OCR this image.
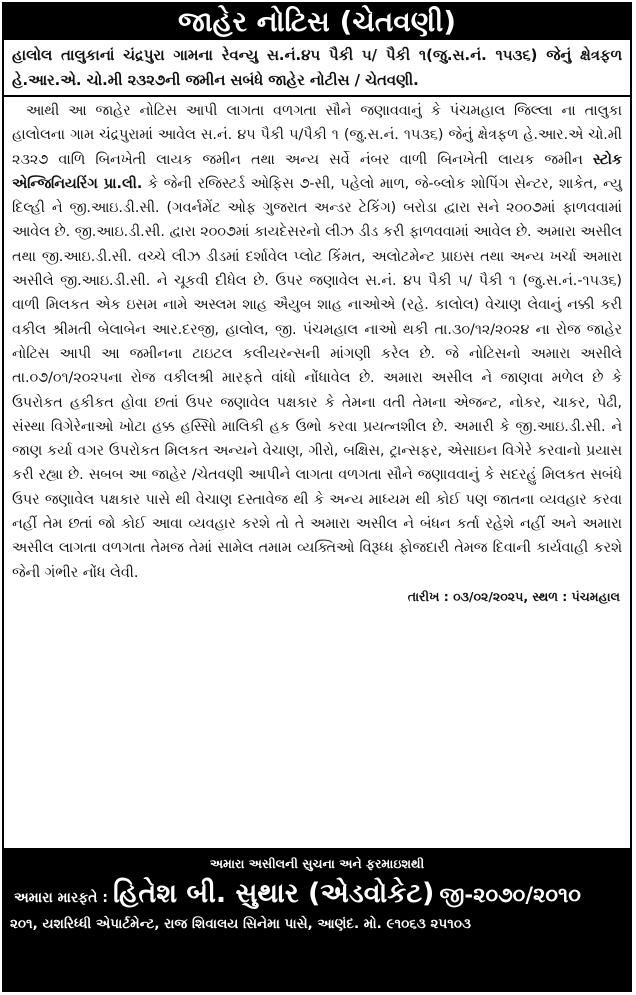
જાહેર નોટિસ (ચેતવણી)
હાલોલ તાલુકાનાં ચંદ્રપુરા ગામના રેવન્યુ સ.નં.૪૫ પૈકી ૫/ પૈકી ૧(જુ.સ.નં. ૧૫૩૬) જેનું ક્ષેત્રફળ હે.આર.એ. ચો.મી ૨૩૨૭ની જમીન સબંધે જાહેર નોટીસ / ચેતવણી.
આથી આ જાહેર નોટિસ આપી લાગતા વળગતા સૌને જણાવવાનું કે પંચમહાલ જિલ્લા ના તાલુકા હાલોલના ગામ ચંદ્રપુરામાં આવેલ સ.નં. ૪૫ પૈકી ૫/પૈકી ૧ (જુ.સ.નં. ૧૫૩૬) જેનું ક્ષેત્રફળ હે.આર.એ ચો.મી ૨૩૨૭ વાળિ બિનખેતી લાયક જમીન તથા અન્ય સર્વે નંબર વાળી બિનખેતી લાયક જમીન સ્ટોક એન્જિનિયરિંગ પ્રા.લી. કે જેની રજિસ્ટર્ડ ઓફિસ ૭-સી, પહેલો માળ, જે-બ્લોક શોપિંગ સેન્ટર, શાકેત, ન્યુ દિલ્હી ને જી.આઇ.ડી.સી. (ગવર્નમેંટ ઓફ ગુજરાત અન્ડર ટેકિંગ) બરોડા દ્વારા સને ૨૦૦૭માં ફાળવવામાં આવેલ છે. જી.આઇ.ડી.સી. દ્વારા ૨૦૦૭માં કાયદેસરનો લીઝ ડીડ કરી ફાળવવામાં આવેલ છે. અમારા અસીલ તથા જી.આઇ.ડી.સી. વચ્ચે લીઝ ડીડમાં દર્શાવેલ પ્લોટ કિંમત, અલોટમેન્ટ પ્રાઇસ તથા અન્ય ખર્ચા અમારા અસીલે જી.આઇ.ડી.સી. ને ચૂકવી દીધેલ છે. ઉપર જણાવેલ સ.નં. ૪૫ પૈકી ૫/ પૈકી ૧ (જુ.સ.નં.-૧૫૩૬) વાળી મિલકત એક ઇસમ નામે અસ્લમ શાહ ઐયુબ શાહ નાઓએ (રહે. કાલોલ) વેચાણ લેવાનું નક્કી કરી વકીલ શ્રીમતી બેલાબેન આર.દરજી, હાલોલ, જી. પંચમહાલ નાઓ થકી તા.૩૦/૧૨/૨૦૨૪ ના રોજ જાહેર નોટિસ આપી આ જમીનના ટાઇટલ કલીયરન્સની માંગણી કરેલ છે. જે નોટિસનો અમારા અસીલે તા.૦૭/૦૧/૨૦૨૫ના રોજ વકીલશ્રી મારફતે વાંધો નોંધાવેલ છે. અમારા અસીલ ને જાણવા મળેલ છે કે ઉપરોકત હકીકત હોવા છતાં ઉપર જણાવેલ પક્ષકાર કે તેમના વતી તેમના એજન્ટ, નોકર, ચાકર, પેઢી, સંસ્થા વિગેરેનાઓ ખોટા હક્ક હસ્સિો માલિકી હક ઉભો કરવા પ્રયત્નશીલ છે. અમારી કે જી.આઇ.ડી.સી. ને જાણ કર્યા વગર ઉપરોકત મિલકત અન્યને વેચાણ, ગીરો, બક્ષિસ, ટ્રાન્સફર, એસાઇન વિગેરે કરવાનો પ્રયાસ કરી રહ્યા છે. સબબ આ જાહેર /ચેતવણી આપીને લાગતા વળગતા સૌને જણાવવાનું કે સદરહું મિલકત સબંધે ઉપર જણાવેલ પક્ષકાર પાસે થી વેચાણ દસ્તાવેજ થી કે અન્ય માધ્યમ થી કોઈ પણ જાતના વ્યવહાર કરવા નહીં તેમ છતાં જો કોઈ આવા વ્યવહાર કરશે તો તે અમારા અસીલ ને બંધન કર્તા રહેશે નહીં અને અમારા અસીલ લાગતા વળગતા તેમજ તેમાં સામેલ તમામ વ્યક્તિઓ વિરૂધ્ધ ફોજદારી તેમજ દિવાની કાર્યવાહી કરશે જેની ગંભીર નોંધ લેવી.
તારીખ : ૦૩/૦૨/૨૦૨૫, સ્થળ : પંચમહાલ
અમારા અસીલની સુચના અને ફરમાઇશથી
અમારા મારફતે : હિતેશ બી. સુથાર (એડવોકેટ) જી-૨૦૭૦/૨૦૧૦
૨૦૧, યશરિધ્ધી એપાર્ટમેન્ટ, રાજ શિવાલય સિનેમા પાસે, આણંદ. મો. ૯૧૦૬૩ ૨૫૧૦૩
